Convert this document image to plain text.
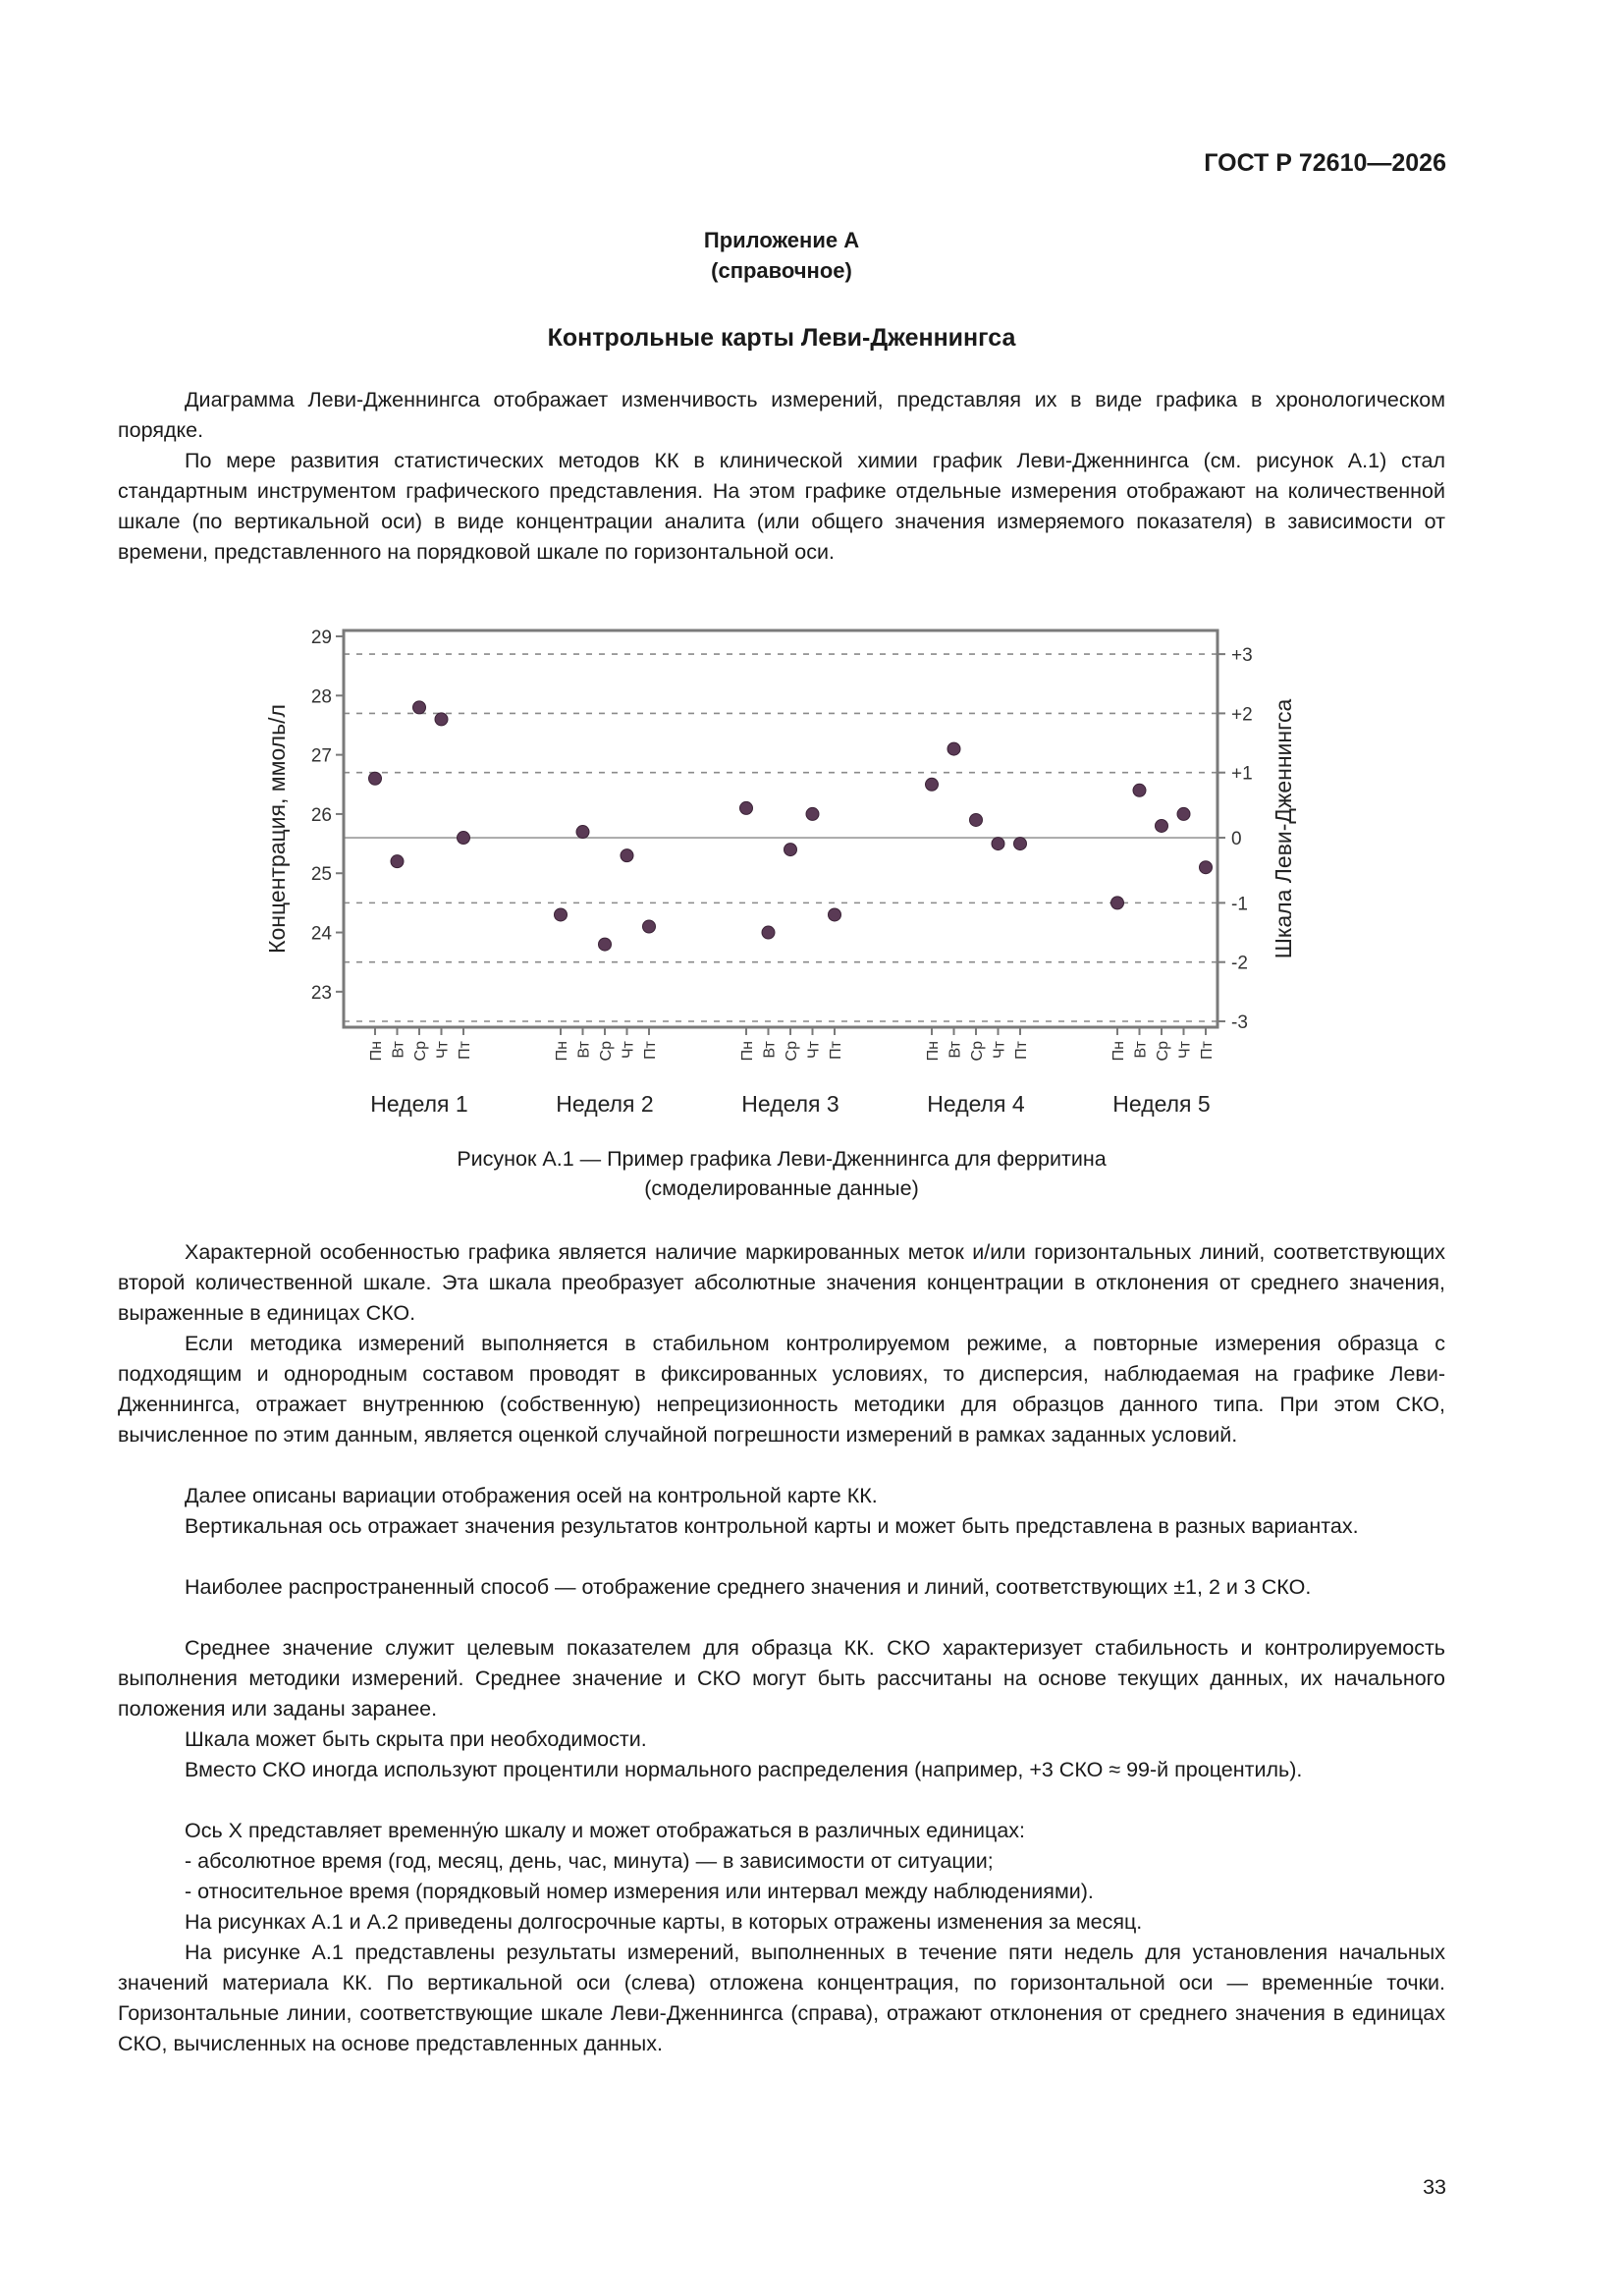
ГОСТ Р 72610—2026
Приложение А
(справочное)
Контрольные карты Леви-Дженнингса

Диаграмма Леви-Дженнингса отображает изменчивость измерений, представляя их в виде графика в хронологическом порядке.

По мере развития статистических методов КК в клинической химии график Леви-Дженнингса (см. рисунок А.1) стал стандартным инструментом графического представления. На этом графике отдельные измерения отображают на количественной шкале (по вертикальной оси) в виде концентрации аналита (или общего значения измеряемого показателя) в зависимости от времени, представленного на порядковой шкале по горизонтальной оси.

23
24
25
26
27
28
29
+3
+2
+1
0
-1
-2
-3
Концентрация, ммоль/л	Шкала Леви-Дженнингса
Пн Вт Ср Чт Пт
Неделя 1
Пн Вт Ср Чт Пт
Неделя 2
Пн Вт Ср Чт Пт
Неделя 3
Пн Вт Ср Чт Пт
Неделя 4
Пн Вт Ср Чт Пт
Неделя 5
Рисунок А.1 — Пример графика Леви-Дженнингса для ферритина
(смоделированные данные)

Характерной особенностью графика является наличие маркированных меток и/или горизонтальных линий, соответствующих второй количественной шкале. Эта шкала преобразует абсолютные значения концентрации в отклонения от среднего значения, выраженные в единицах СКО.

Если методика измерений выполняется в стабильном контролируемом режиме, а повторные измерения образца с подходящим и однородным составом проводят в фиксированных условиях, то дисперсия, наблюдаемая на графике Леви-Дженнингса, отражает внутреннюю (собственную) непрецизионность методики для образцов данного типа. При этом СКО, вычисленное по этим данным, является оценкой случайной погрешности измерений в рамках заданных условий.

Далее описаны вариации отображения осей на контрольной карте КК.

Вертикальная ось отражает значения результатов контрольной карты и может быть представлена в разных вариантах.

Наиболее распространенный способ — отображение среднего значения и линий, соответствующих ±1, 2 и 3 СКО.

Среднее значение служит целевым показателем для образца КК. СКО характеризует стабильность и контролируемость выполнения методики измерений. Среднее значение и СКО могут быть рассчитаны на основе текущих данных, их начального положения или заданы заранее.

Шкала может быть скрыта при необходимости.

Вместо СКО иногда используют процентили нормального распределения (например, +3 СКО ≈ 99-й процентиль).

Ось X представляет временну́ю шкалу и может отображаться в различных единицах:

- абсолютное время (год, месяц, день, час, минута) — в зависимости от ситуации;

- относительное время (порядковый номер измерения или интервал между наблюдениями).

На рисунках А.1 и А.2 приведены долгосрочные карты, в которых отражены изменения за месяц.

На рисунке А.1 представлены результаты измерений, выполненных в течение пяти недель для установления начальных значений материала КК. По вертикальной оси (слева) отложена концентрация, по горизонтальной оси — временны́е точки. Горизонтальные линии, соответствующие шкале Леви-Дженнингса (справа), отражают отклонения от среднего значения в единицах СКО, вычисленных на основе представленных данных.

33
